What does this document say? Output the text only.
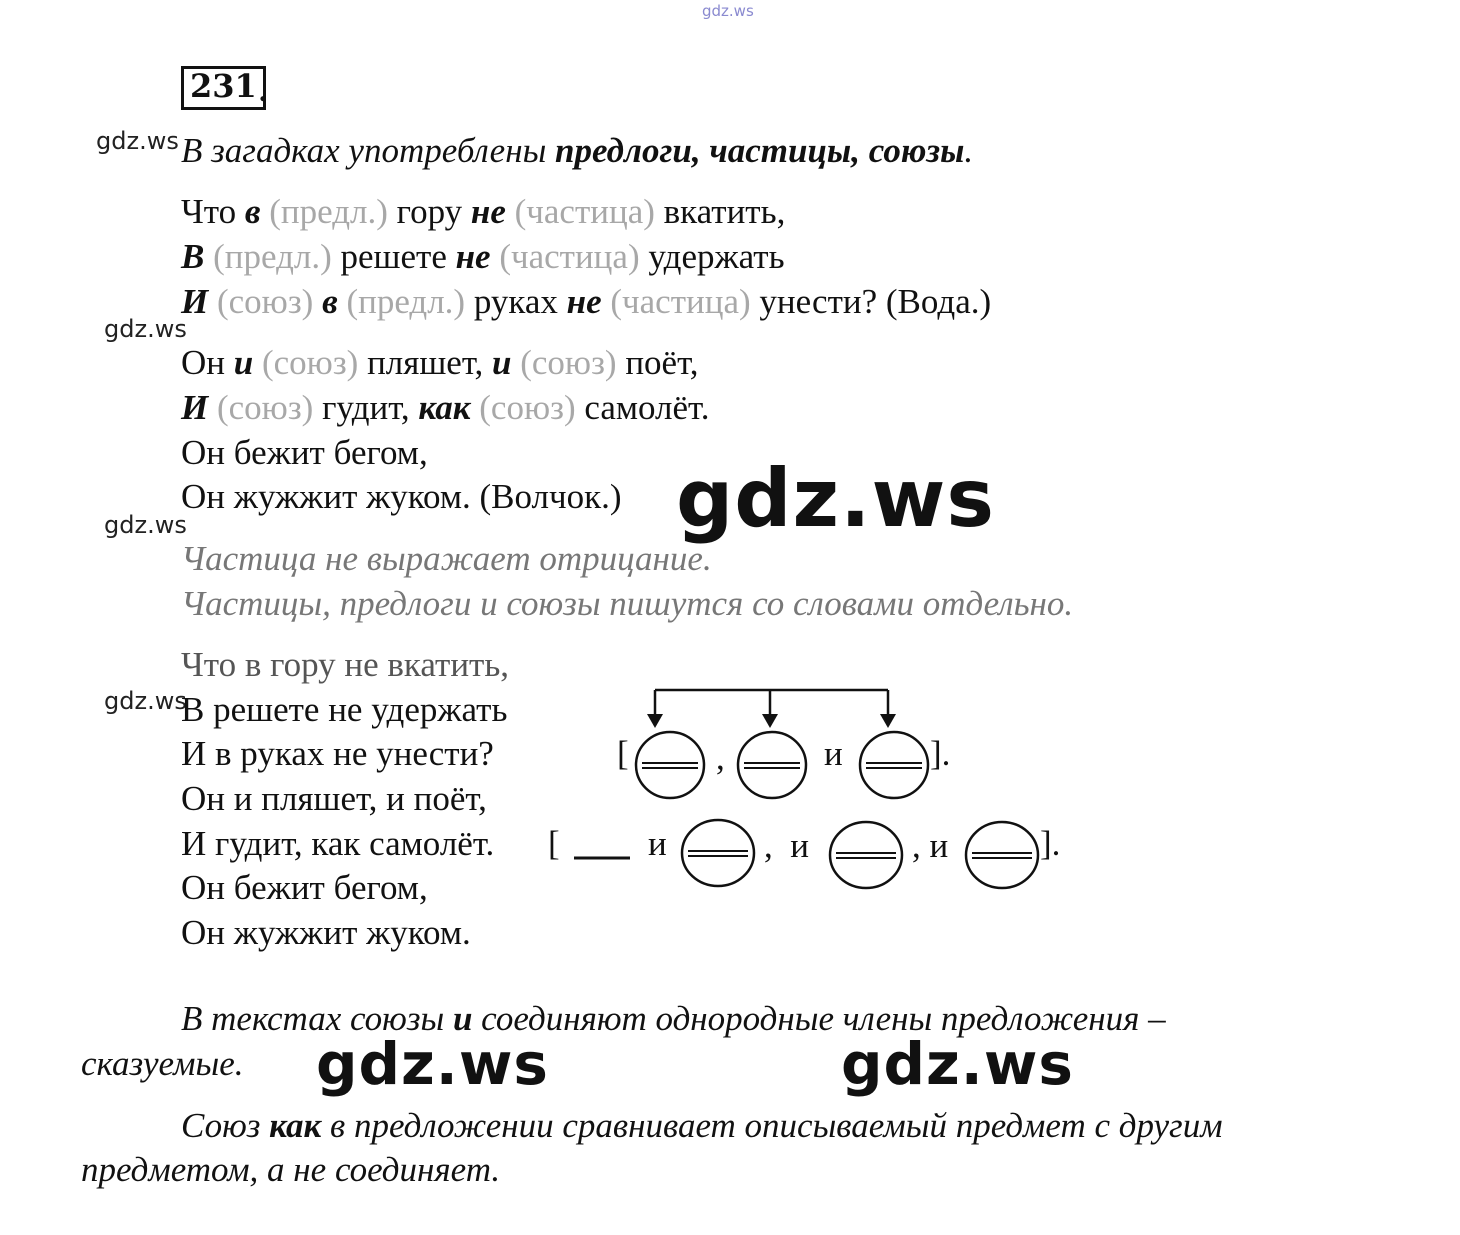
gdz.ws
gdz.ws
gdz.ws
gdz.ws
gdz.ws
gdz.ws
gdz.ws	gdz.ws
231 .
В загадках употреблены предлоги, частицы, союзы.
Что в (предл.) гору не (частица) вкатить,
В (предл.) решете не (частица) удержать
И (союз) в (предл.) руках не (частица) унести? (Вода.)
Он и (союз) пляшет, и (союз) поёт,
И (союз) гудит, как (союз) самолёт.
Он бежит бегом,
Он жужжит жуком. (Волчок.)
Частица не выражает отрицание.
Частицы, предлоги и союзы пишутся со словами отдельно.
Что в гору не вкатить,
В решете не удержать
И в руках не унести?
Он и пляшет, и поёт,
И гудит, как самолёт.
Он бежит бегом,
Он жужжит жуком.
[ ,	и ].
[	и	,  и	, и	].
В текстах союзы и соединяют однородные члены предложения –
сказуемые.
Союз как в предложении сравнивает описываемый предмет с другим
предметом, а не соединяет.
